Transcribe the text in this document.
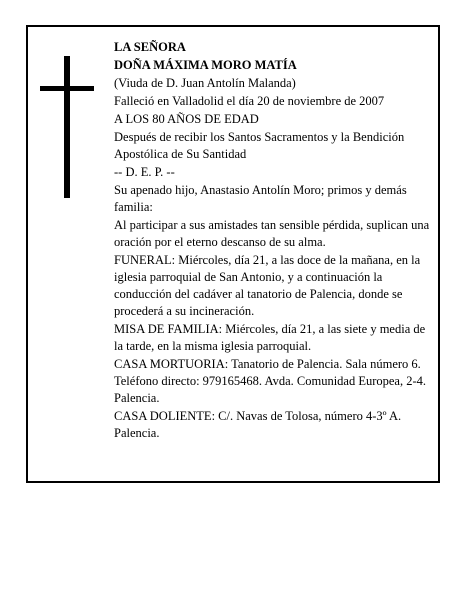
LA SEÑORA

DOÑA MÁXIMA MORO MATÍA

(Viuda de D. Juan Antolín Malanda)

Falleció en Valladolid el día 20 de noviembre de 2007

A LOS 80 AÑOS DE EDAD

Después de recibir los Santos Sacramentos y la Bendición Apostólica de Su Santidad

-- D. E. P. --

Su apenado hijo, Anastasio Antolín Moro; primos y demás familia:

Al participar a sus amistades tan sensible pérdida, suplican una oración por el eterno descanso de su alma.

FUNERAL: Miércoles, día 21, a las doce de la mañana, en la iglesia parroquial de San Antonio, y a continuación la conducción del cadáver al tanatorio de Palencia, donde se procederá a su incineración.

MISA DE FAMILIA: Miércoles, día 21, a las siete y media de la tarde, en la misma iglesia parroquial.

CASA MORTUORIA: Tanatorio de Palencia. Sala número 6. Teléfono directo: 979165468. Avda. Comunidad Europea, 2-4. Palencia.

CASA DOLIENTE: C/. Navas de Tolosa, número 4-3º A. Palencia.
